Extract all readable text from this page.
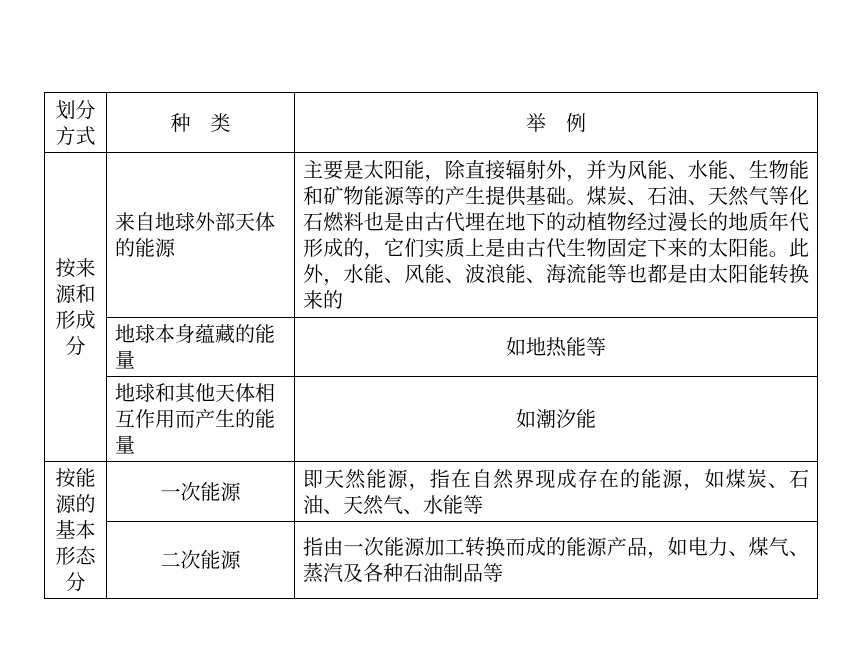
划分方式	种　类	举　例
按来源和形成分	来自地球外部天体的能源	主要是太阳能，除直接辐射外，并为风能、水能、生物能和矿物能源等的产生提供基础。煤炭、石油、天然气等化石燃料也是由古代埋在地下的动植物经过漫长的地质年代形成的，它们实质上是由古代生物固定下来的太阳能。此外，水能、风能、波浪能、海流能等也都是由太阳能转换来的
	地球本身蕴藏的能量	如地热能等
	地球和其他天体相互作用而产生的能量	如潮汐能
按能源的基本形态分	一次能源	即天然能源，指在自然界现成存在的能源，如煤炭、石油、天然气、水能等
	二次能源	指由一次能源加工转换而成的能源产品，如电力、煤气、蒸汽及各种石油制品等
